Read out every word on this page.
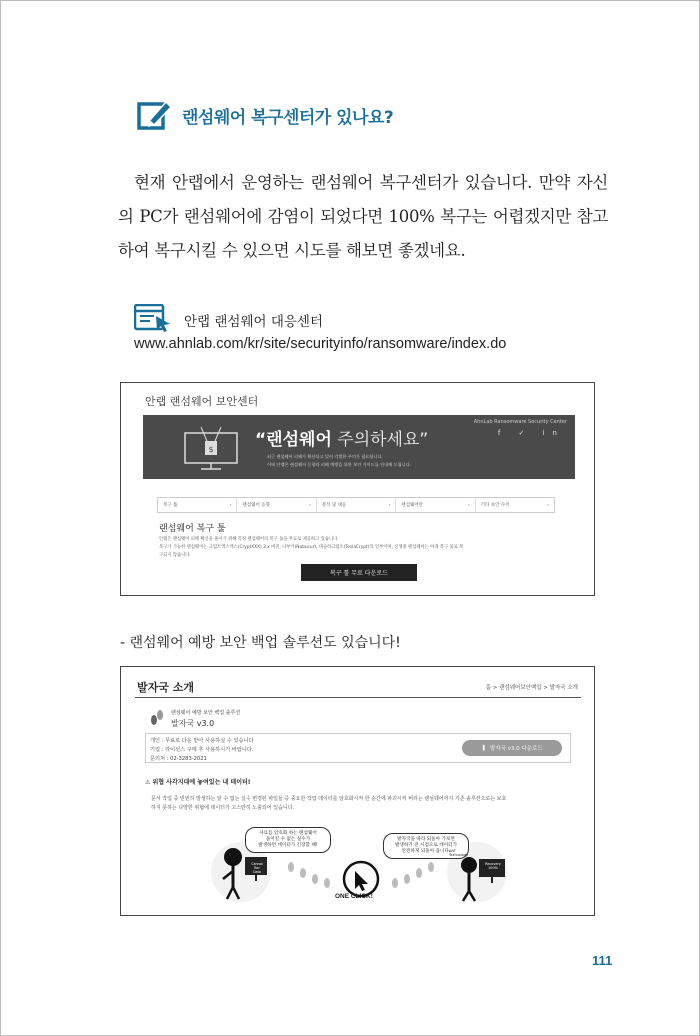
랜섬웨어 복구센터가 있나요?

현재 안랩에서 운영하는 랜섬웨어 복구센터가 있습니다. 만약 자신의 PC가 랜섬웨어에 감염이 되었다면 100% 복구는 어렵겠지만 참고하여 복구시킬 수 있으면 시도를 해보면 좋겠네요.

안랩 랜섬웨어 대응센터
www.ahnlab.com/kr/site/securityinfo/ransomware/index.do
안랩 랜섬웨어 보안센터
AhnLab Ransomware Security Center
f ✓ in
$ “랜섬웨어 주의하세요”
최근 랜섬웨어 피해가 확산되고 있어 각별한 주의가 필요합니다.
이에 안랩은 랜섬웨어 동향과 피해 예방을 위한 보안 가이드를 안내해 드립니다.
복구 툴	› 랜섬웨어 동향	› 분석 및 대응	› 랜섬웨어란	› 기타 보안 수칙	›
랜섬웨어 복구 툴
안랩은 랜섬웨어 피해 확산을 줄이기 위해 특정 랜섬웨어의 복구 툴을 무료로 제공하고 있습니다.
복구가 가능한 랜섬웨어는 크립트엑스엑스(CryptXXX) 3.x 버전, 나부카(Nabucur), 테슬라크립트(TeslaCrypt)의 일부이며, 신생종 랜섬웨어는 아래 복구 툴로 복
구되지 않습니다.
복구 툴 무료 다운로드
- 랜섬웨어 예방 보안 백업 솔루션도 있습니다!
발자국 소개	홈 > 랜섬웨어보안백업 > 발자국 소개
랜섬웨어 예방 보안 백업 솔루션
발자국 v3.0
개인 : 무료로 다운 받아 사용하실 수 있습니다
기업 : 라이선스 구매 후 사용하시기 바랍니다.
문의처 : 02-3283-2021
❚ 발자국 v3.0 다운로드
⚠ 위협 사각지대에 놓여있는 내 데이터!
문서 작업 중 빈번히 발생하는 알 수 없는 실수 변경된 파일들 중 중요한 작업 데이터를 암호화시켜 한 순간에 파괴시켜 버리는 랜섬웨어까지 기존 솔루션으로는 보호
하지 못하는 다양한 위협에 데이터가 고스란히 노출되어 있습니다.
자료를 암호화 하는 랜섬웨어
돌이킬 수 없는 실수가
발생하면 데이터가 긴장할 때!
발자국을 따라 되돌아 가보면
발생하기 전 시점으로 데이터가
안전하게 되돌아 옵니다.
Cannot
Rec
Data
Recovery
100%
ANT
Technology
ONE CLICK!
111
